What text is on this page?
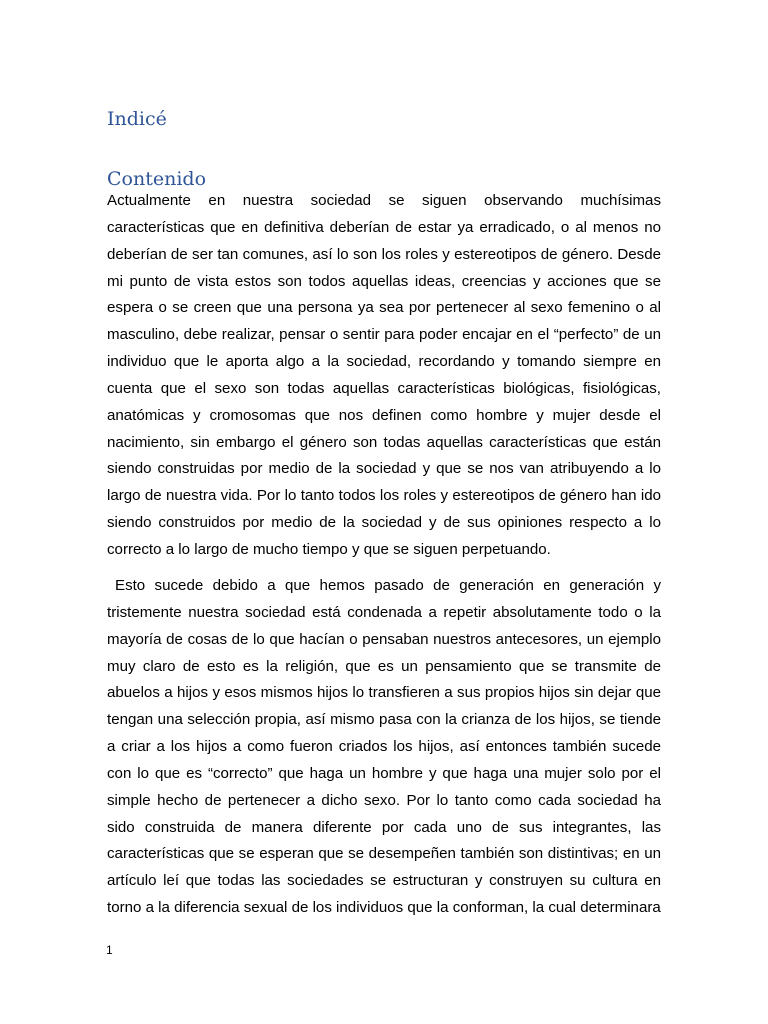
Indicé
Contenido

Actualmente en nuestra sociedad se siguen observando muchísimas características que en definitiva deberían de estar ya erradicado, o al menos no deberían de ser tan comunes, así lo son los roles y estereotipos de género. Desde mi punto de vista estos son todos aquellas ideas, creencias y acciones que se espera o se creen que una persona ya sea por pertenecer al sexo femenino o al masculino, debe realizar, pensar o sentir para poder encajar en el “perfecto” de un individuo que le aporta algo a la sociedad, recordando y tomando siempre en cuenta que el sexo son todas aquellas características biológicas, fisiológicas, anatómicas y cromosomas que nos definen como hombre y mujer desde el nacimiento, sin embargo el género son todas aquellas características que están siendo construidas por medio de la sociedad y que se nos van atribuyendo a lo largo de nuestra vida. Por lo tanto todos los roles y estereotipos de género han ido siendo construidos por medio de la sociedad y de sus opiniones respecto a lo correcto a lo largo de mucho tiempo y que se siguen perpetuando.

Esto sucede debido a que hemos pasado de generación en generación y tristemente nuestra sociedad está condenada a repetir absolutamente todo o la mayoría de cosas de lo que hacían o pensaban nuestros antecesores, un ejemplo muy claro de esto es la religión, que es un pensamiento que se transmite de abuelos a hijos y esos mismos hijos lo transfieren a sus propios hijos sin dejar que tengan una selección propia, así mismo pasa con la crianza de los hijos, se tiende a criar a los hijos a como fueron criados los hijos, así entonces también sucede con lo que es “correcto” que haga un hombre y que haga una mujer solo por el simple hecho de pertenecer a dicho sexo. Por lo tanto como cada sociedad ha sido construida de manera diferente por cada uno de sus integrantes, las características que se esperan que se desempeñen también son distintivas; en un artículo leí que todas las sociedades se estructuran y construyen su cultura en torno a la diferencia sexual de los individuos que la conforman, la cual determinara

1
